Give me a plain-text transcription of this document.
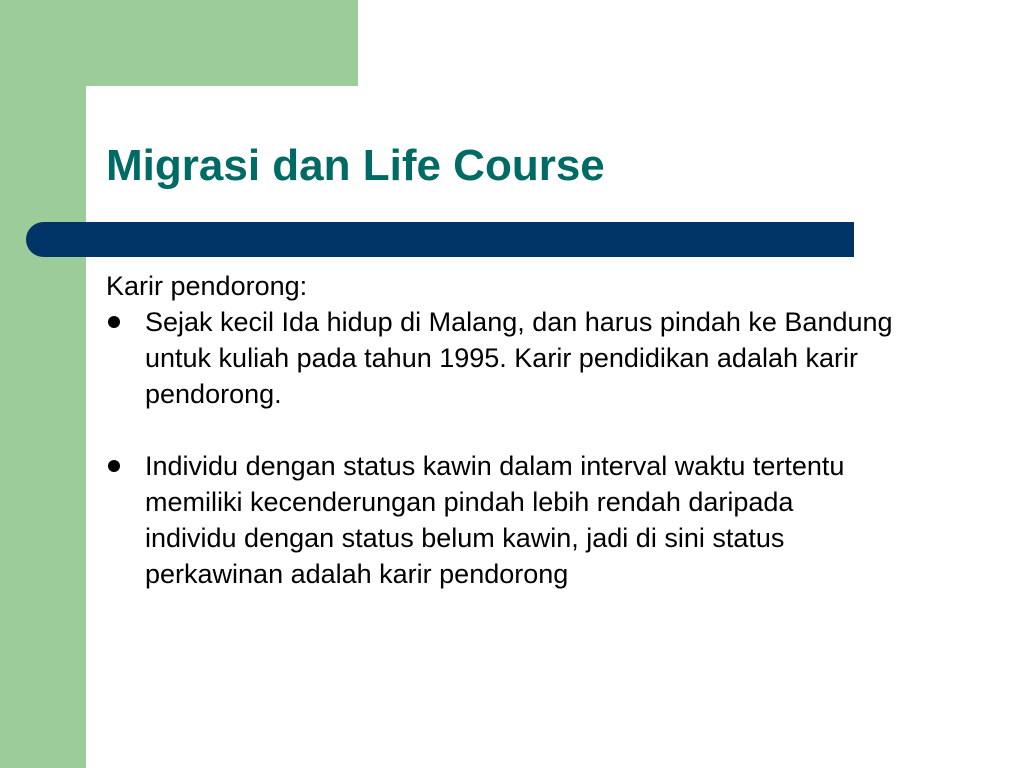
Migrasi dan Life Course

Karir pendorong:

Sejak kecil Ida hidup di Malang, dan harus pindah ke Bandung untuk kuliah pada tahun 1995. Karir pendidikan adalah karir pendorong.
Individu dengan status kawin dalam interval waktu tertentu memiliki kecenderungan pindah lebih rendah daripada individu dengan status belum kawin, jadi di sini status perkawinan adalah karir pendorong
